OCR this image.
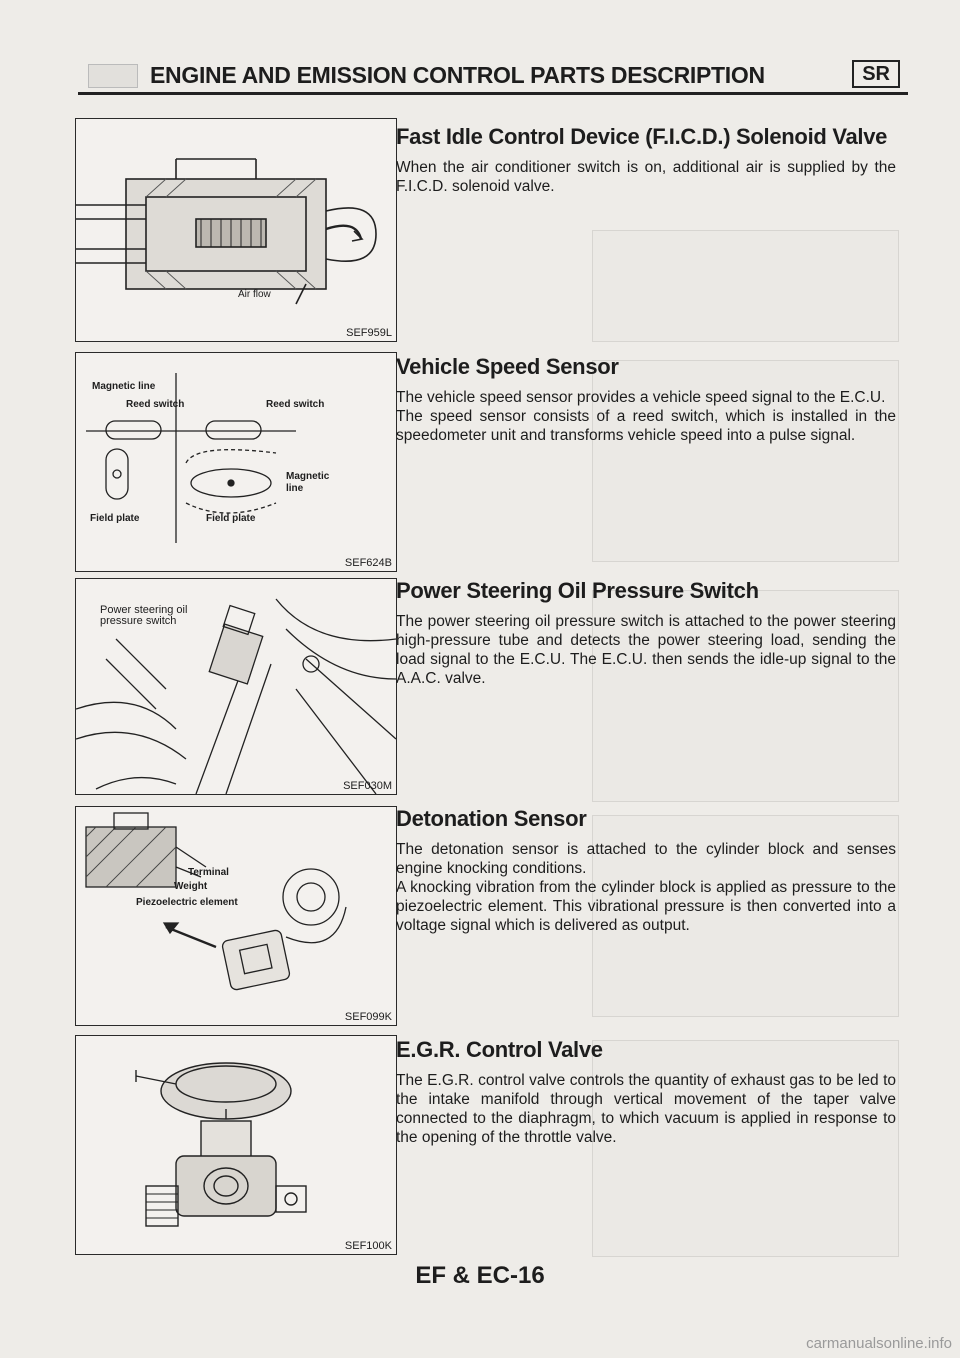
ENGINE AND EMISSION CONTROL PARTS DESCRIPTION	SR
Air flow
SEF959L
Magnetic line
Reed switch	Reed switch
Magnetic
line
Field plate	Field plate
SEF624B
Power steering oil pressure switch
SEF030M
Terminal
Weight
Piezoelectric element
SEF099K
SEF100K
Fast Idle Control Device (F.I.C.D.) Solenoid Valve

When the air conditioner switch is on, additional air is supplied by the F.I.C.D. solenoid valve.

Vehicle Speed Sensor

The vehicle speed sensor provides a vehicle speed signal to the E.C.U.
The speed sensor consists of a reed switch, which is installed in the speedometer unit and transforms vehicle speed into a pulse signal.

Power Steering Oil Pressure Switch

The power steering oil pressure switch is attached to the power steering high-pressure tube and detects the power steering load, sending the load signal to the E.C.U. The E.C.U. then sends the idle-up signal to the A.A.C. valve.

Detonation Sensor

The detonation sensor is attached to the cylinder block and senses engine knocking conditions.
A knocking vibration from the cylinder block is applied as pressure to the piezoelectric element. This vibrational pressure is then converted into a voltage signal which is delivered as output.

E.G.R. Control Valve

The E.G.R. control valve controls the quantity of exhaust gas to be led to the intake manifold through vertical movement of the taper valve connected to the diaphragm, to which vacuum is applied in response to the opening of the throttle valve.

EF & EC-16
carmanualsonline.info
